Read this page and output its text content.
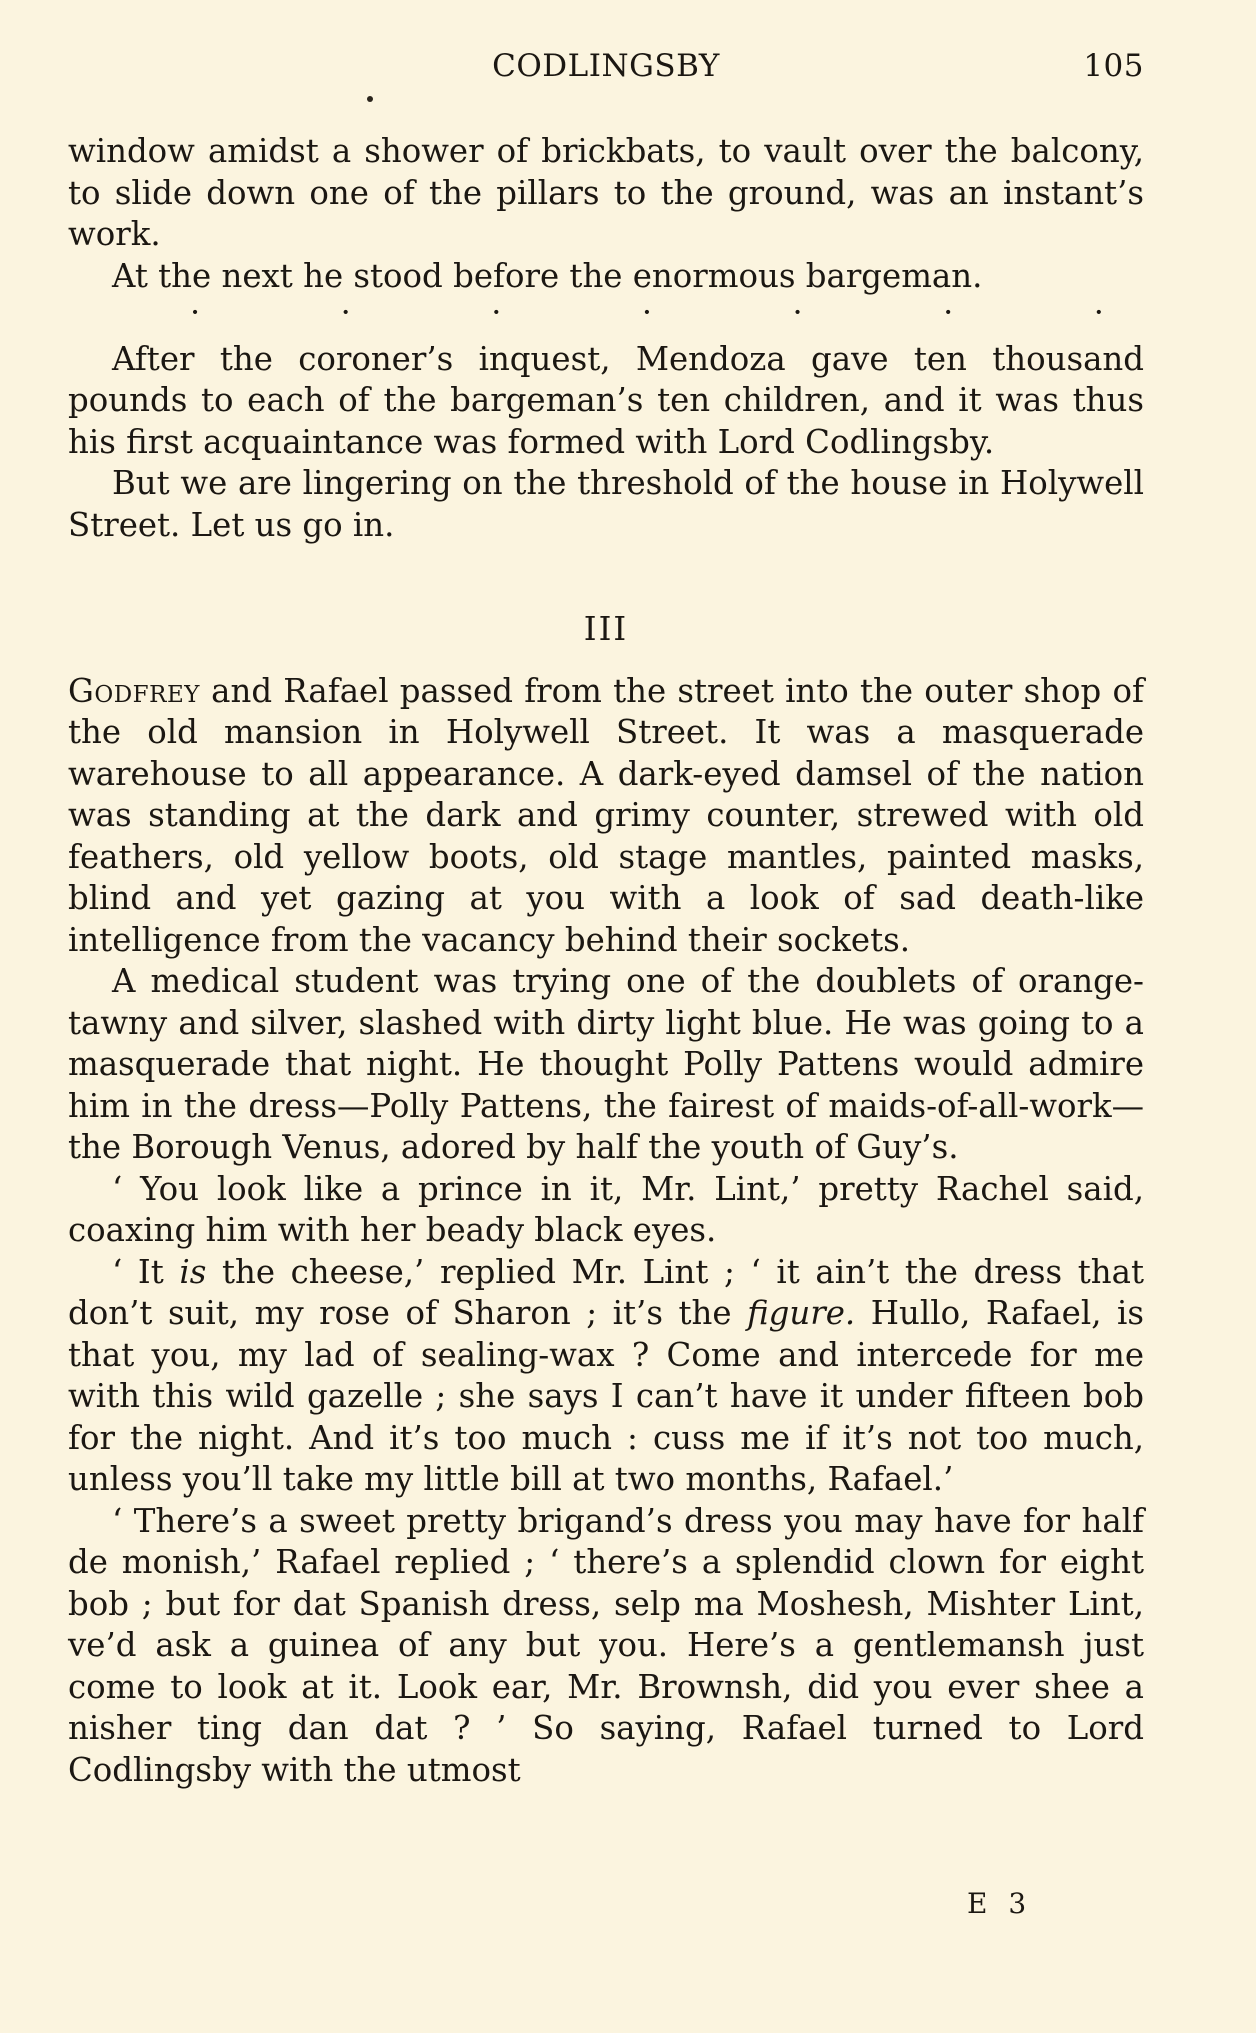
CODLINGSBY	105

window amidst a shower of brickbats, to vault over the balcony, to slide down one of the pillars to the ground, was an instant’s work.

At the next he stood before the enormous bargeman.

·	·	·	·	·	·	·

After the coroner’s inquest, Mendoza gave ten thousand pounds to each of the bargeman’s ten children, and it was thus his first acquaintance was formed with Lord Codlingsby.

But we are lingering on the threshold of the house in Holywell Street. Let us go in.

III

Godfrey and Rafael passed from the street into the outer shop of the old mansion in Holywell Street. It was a masquerade warehouse to all appearance. A dark-eyed damsel of the nation was standing at the dark and grimy counter, strewed with old feathers, old yellow boots, old stage mantles, painted masks, blind and yet gazing at you with a look of sad death-like intelligence from the vacancy behind their sockets.

A medical student was trying one of the doublets of orange-tawny and silver, slashed with dirty light blue. He was going to a masquerade that night. He thought Polly Pattens would admire him in the dress—Polly Pattens, the fairest of maids-of-all-work—the Borough Venus, adored by half the youth of Guy’s.

‘ You look like a prince in it, Mr. Lint,’ pretty Rachel said, coaxing him with her beady black eyes.

‘ It is the cheese,’ replied Mr. Lint ; ‘ it ain’t the dress that don’t suit, my rose of Sharon ; it’s the figure. Hullo, Rafael, is that you, my lad of sealing-wax ? Come and intercede for me with this wild gazelle ; she says I can’t have it under fifteen bob for the night. And it’s too much : cuss me if it’s not too much, unless you’ll take my little bill at two months, Rafael.’

‘ There’s a sweet pretty brigand’s dress you may have for half de monish,’ Rafael replied ; ‘ there’s a splendid clown for eight bob ; but for dat Spanish dress, selp ma Moshesh, Mishter Lint, ve’d ask a guinea of any but you. Here’s a gentlemansh just come to look at it. Look ear, Mr. Brownsh, did you ever shee a nisher ting dan dat ? ’ So saying, Rafael turned to Lord Codlingsby with the utmost

E 3
